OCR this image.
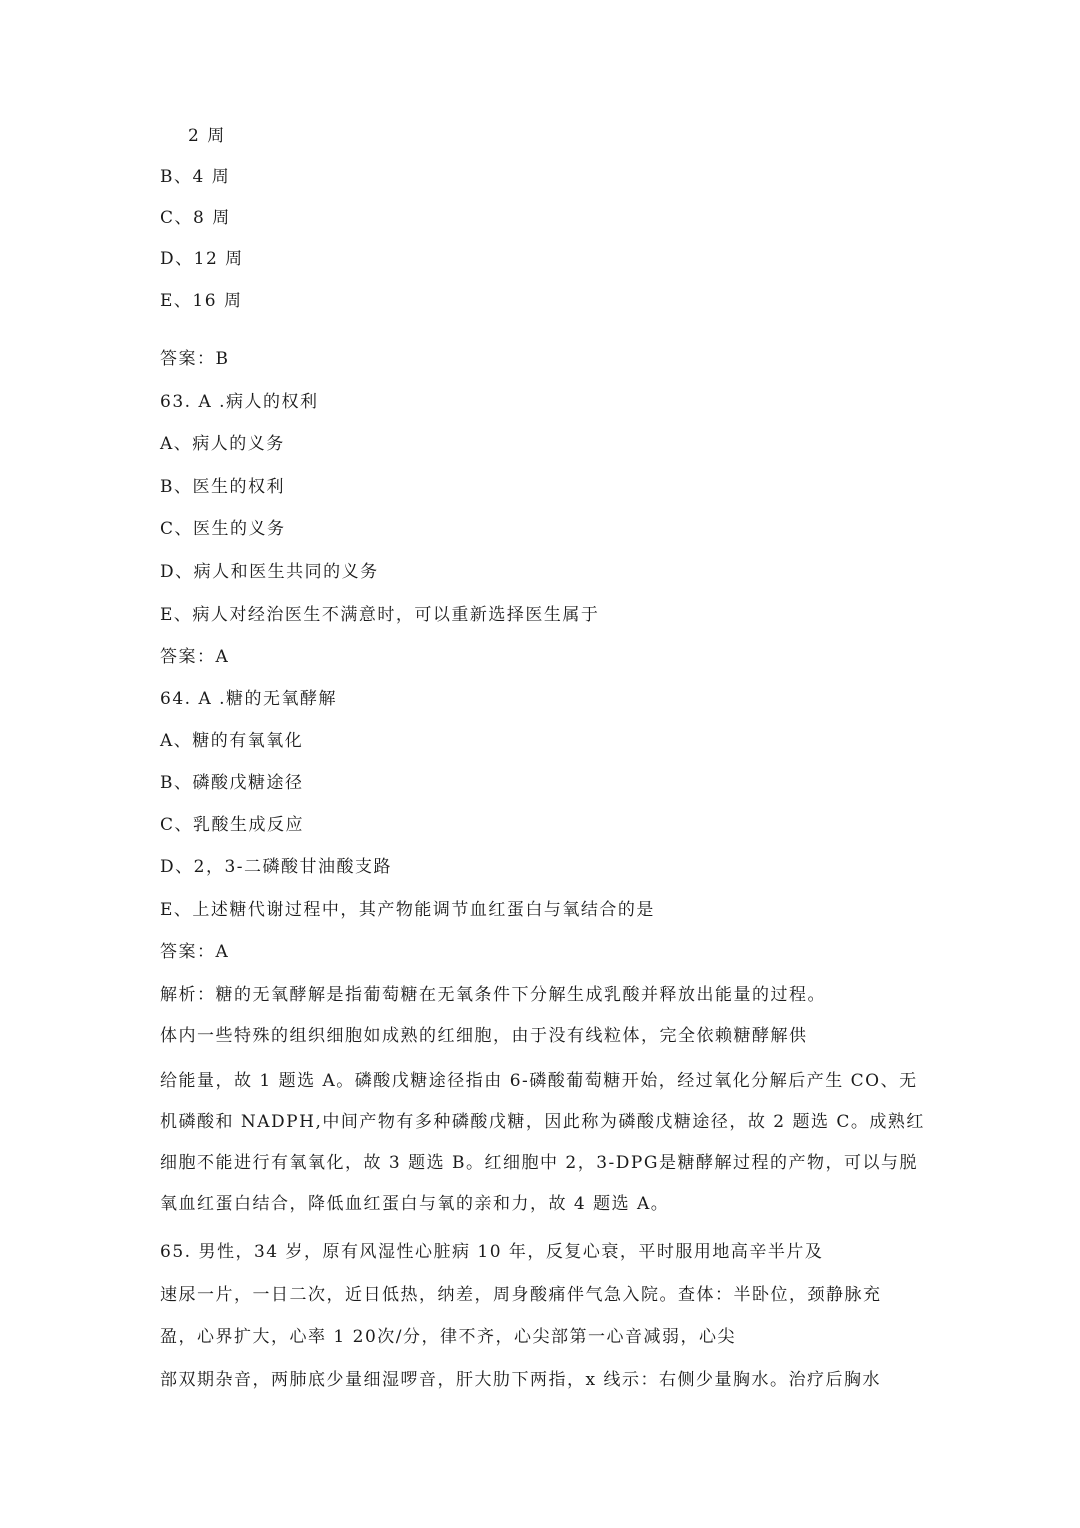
2 周
B、4 周
C、8 周
D、12 周
E、16 周
答案：B
63. A .病人的权利
A、病人的义务
B、医生的权利
C、医生的义务
D、病人和医生共同的义务
E、病人对经治医生不满意时，可以重新选择医生属于
答案：A
64. A .糖的无氧酵解
A、糖的有氧氧化
B、磷酸戊糖途径
C、乳酸生成反应
D、2，3-二磷酸甘油酸支路
E、上述糖代谢过程中，其产物能调节血红蛋白与氧结合的是
答案：A
解析：糖的无氧酵解是指葡萄糖在无氧条件下分解生成乳酸并释放出能量的过程。
体内一些特殊的组织细胞如成熟的红细胞，由于没有线粒体，完全依赖糖酵解供
给能量，故 1 题选 A。磷酸戊糖途径指由 6-磷酸葡萄糖开始，经过氧化分解后产生 CO、无
机磷酸和 NADPH,中间产物有多种磷酸戊糖，因此称为磷酸戊糖途径，故 2 题选 C。成熟红
细胞不能进行有氧氧化，故 3 题选 B。红细胞中 2，3-DPG是糖酵解过程的产物，可以与脱
氧血红蛋白结合，降低血红蛋白与氧的亲和力，故 4 题选 A。
65. 男性，34 岁，原有风湿性心脏病 10 年，反复心衰，平时服用地高辛半片及
速尿一片，一日二次，近日低热，纳差，周身酸痛伴气急入院。查体：半卧位，颈静脉充
盈，心界扩大，心率 1 20次/分，律不齐，心尖部第一心音减弱，心尖
部双期杂音，两肺底少量细湿啰音，肝大肋下两指，x 线示：右侧少量胸水。治疗后胸水
